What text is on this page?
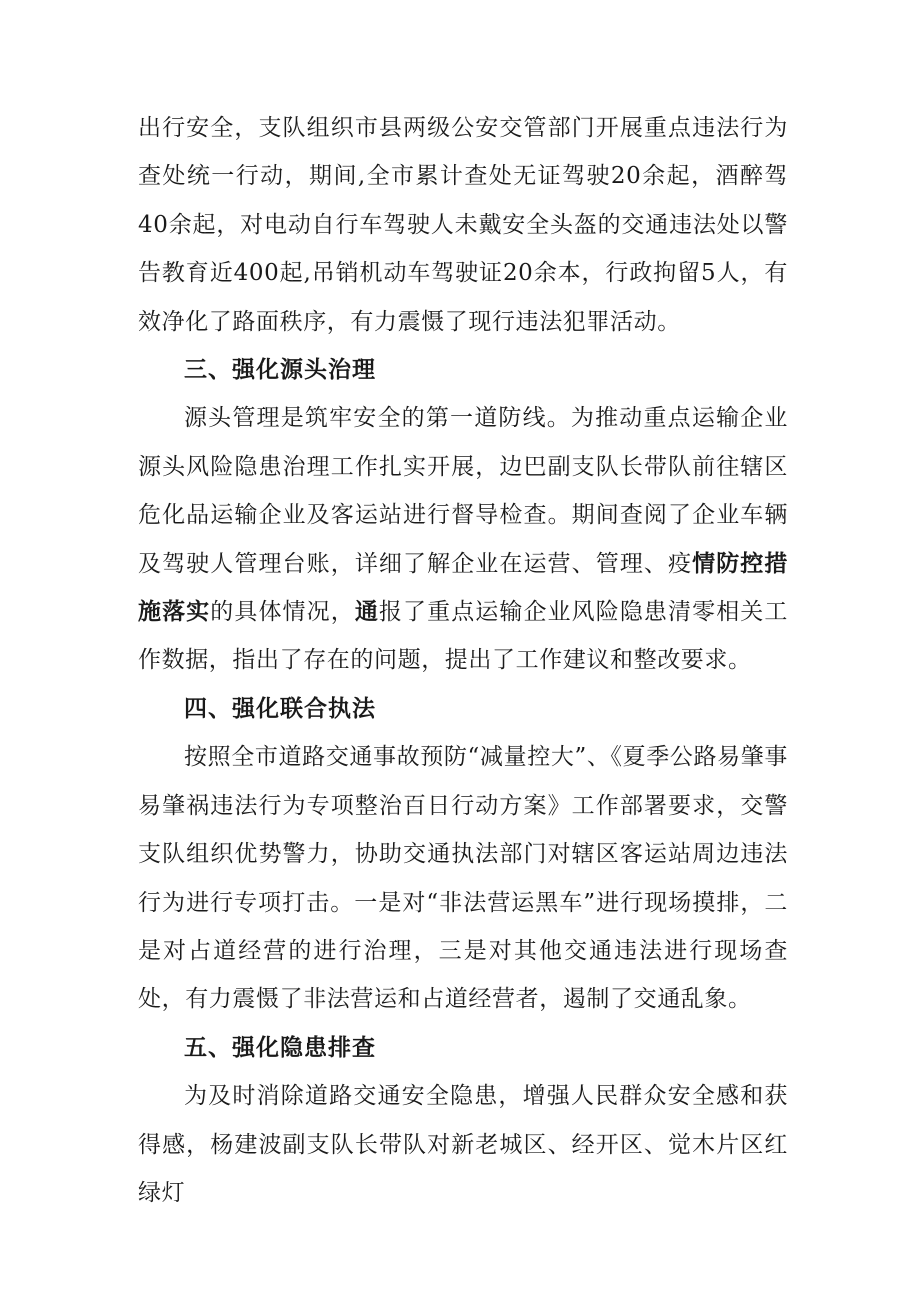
出行安全，支队组织市县两级公安交管部门开展重点违法行为查处统一行动，期间,全市累计查处无证驾驶20余起，酒醉驾40余起，对电动自行车驾驶人未戴安全头盔的交通违法处以警告教育近400起,吊销机动车驾驶证20余本，行政拘留5人，有效净化了路面秩序，有力震慑了现行违法犯罪活动。

三、强化源头治理

源头管理是筑牢安全的第一道防线。为推动重点运输企业源头风险隐患治理工作扎实开展，边巴副支队长带队前往辖区危化品运输企业及客运站进行督导检查。期间查阅了企业车辆及驾驶人管理台账，详细了解企业在运营、管理、疫情防控措施落实的具体情况，通报了重点运输企业风险隐患清零相关工作数据，指出了存在的问题，提出了工作建议和整改要求。

四、强化联合执法

按照全市道路交通事故预防“减量控大”、《夏季公路易肇事易肇祸违法行为专项整治百日行动方案》工作部署要求，交警支队组织优势警力，协助交通执法部门对辖区客运站周边违法行为进行专项打击。一是对“非法营运黑车”进行现场摸排，二是对占道经营的进行治理，三是对其他交通违法进行现场查处，有力震慑了非法营运和占道经营者，遏制了交通乱象。

五、强化隐患排查

为及时消除道路交通安全隐患，增强人民群众安全感和获得感，杨建波副支队长带队对新老城区、经开区、觉木片区红绿灯
